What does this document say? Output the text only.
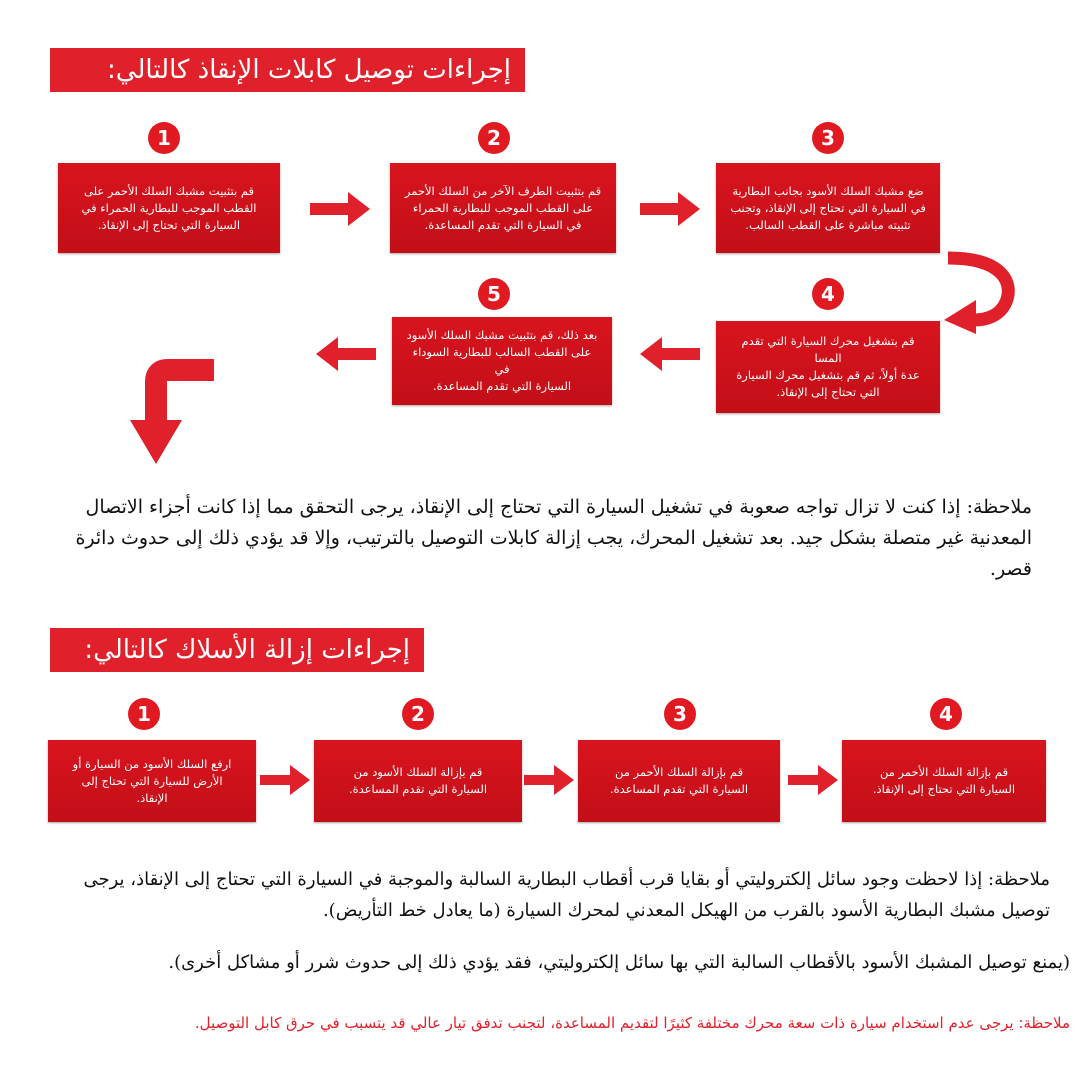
إجراءات توصيل كابلات الإنقاذ كالتالي:
1	2	3
4
5
قم بتثبيت مشبك السلك الأحمر على
القطب الموجب للبطارية الحمراء في
السيارة التي تحتاج إلى الإنقاذ.
قم بتثبيت الطرف الآخر من السلك الأحمر
على القطب الموجب للبطارية الحمراء
في السيارة التي تقدم المساعدة.
ضع مشبك السلك الأسود بجانب البطارية
في السيارة التي تحتاج إلى الإنقاذ، وتجنب
تثبيته مباشرة على القطب السالب.
قم بتشغيل محرك السيارة التي تقدم المسا
عدة أولاً، ثم قم بتشغيل محرك السيارة
التي تحتاج إلى الإنقاذ.
بعد ذلك، قم بتثبيت مشبك السلك الأسود
على القطب السالب للبطارية السوداء في
السيارة التي تقدم المساعدة.
ملاحظة: إذا كنت لا تزال تواجه صعوبة في تشغيل السيارة التي تحتاج إلى الإنقاذ، يرجى التحقق مما إذا كانت أجزاء الاتصال المعدنية غير متصلة بشكل جيد. بعد تشغيل المحرك، يجب إزالة كابلات التوصيل بالترتيب، وإلا قد يؤدي ذلك إلى حدوث دائرة قصر.
إجراءات إزالة الأسلاك كالتالي:
1	2	3	4
ارفع السلك الأسود من السيارة أو
الأرض للسيارة التي تحتاج إلى
الإنقاذ.
قم بإزالة السلك الأسود من
السيارة التي تقدم المساعدة.
قم بإزالة السلك الأحمر من
السيارة التي تقدم المساعدة.
قم بإزالة السلك الأحمر من
السيارة التي تحتاج إلى الإنقاذ.
ملاحظة: إذا لاحظت وجود سائل إلكتروليتي أو بقايا قرب أقطاب البطارية السالبة والموجبة في السيارة التي تحتاج إلى الإنقاذ، يرجى توصيل مشبك البطارية الأسود بالقرب من الهيكل المعدني لمحرك السيارة (ما يعادل خط التأريض).
(يمنع توصيل المشبك الأسود بالأقطاب السالبة التي بها سائل إلكتروليتي، فقد يؤدي ذلك إلى حدوث شرر أو مشاكل أخرى).
ملاحظة: يرجى عدم استخدام سيارة ذات سعة محرك مختلفة كثيرًا لتقديم المساعدة، لتجنب تدفق تيار عالي قد يتسبب في حرق كابل التوصيل.
